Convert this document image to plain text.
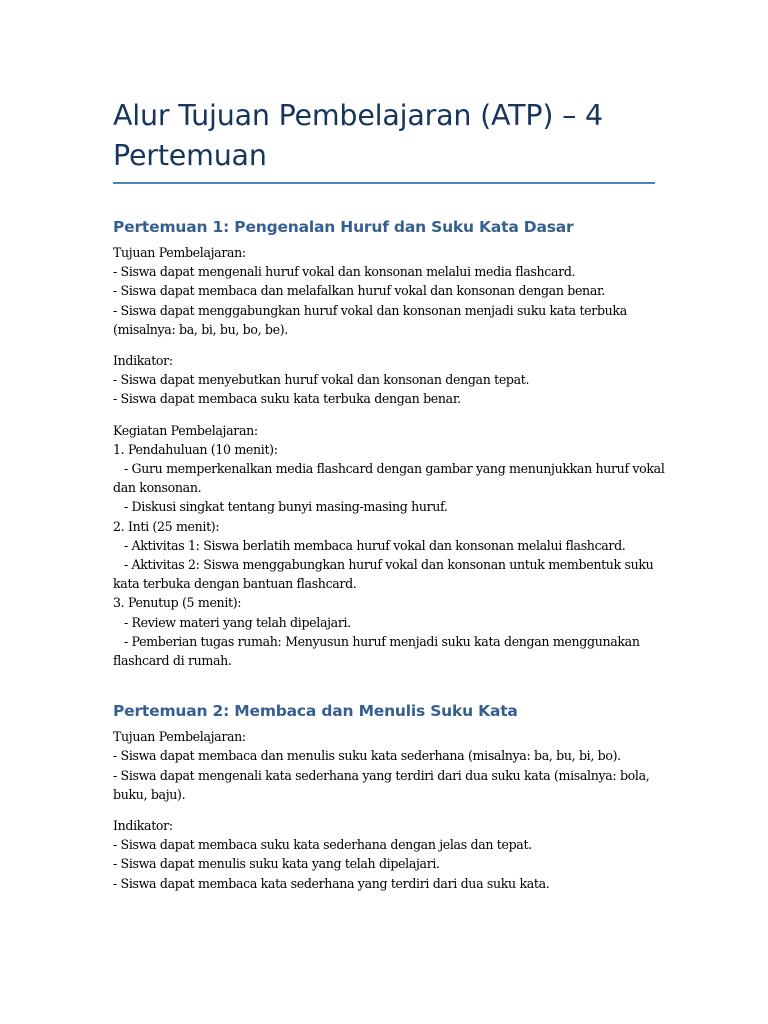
Alur Tujuan Pembelajaran (ATP) – 4
Pertemuan
Pertemuan 1: Pengenalan Huruf dan Suku Kata Dasar

Tujuan Pembelajaran:
- Siswa dapat mengenali huruf vokal dan konsonan melalui media flashcard.
- Siswa dapat membaca dan melafalkan huruf vokal dan konsonan dengan benar.
- Siswa dapat menggabungkan huruf vokal dan konsonan menjadi suku kata terbuka
(misalnya: ba, bi, bu, bo, be).

Indikator:
- Siswa dapat menyebutkan huruf vokal dan konsonan dengan tepat.
- Siswa dapat membaca suku kata terbuka dengan benar.

Kegiatan Pembelajaran:
1. Pendahuluan (10 menit):
- Guru memperkenalkan media flashcard dengan gambar yang menunjukkan huruf vokal
dan konsonan.
- Diskusi singkat tentang bunyi masing-masing huruf.
2. Inti (25 menit):
- Aktivitas 1: Siswa berlatih membaca huruf vokal dan konsonan melalui flashcard.
- Aktivitas 2: Siswa menggabungkan huruf vokal dan konsonan untuk membentuk suku
kata terbuka dengan bantuan flashcard.
3. Penutup (5 menit):
- Review materi yang telah dipelajari.
- Pemberian tugas rumah: Menyusun huruf menjadi suku kata dengan menggunakan
flashcard di rumah.

Pertemuan 2: Membaca dan Menulis Suku Kata

Tujuan Pembelajaran:
- Siswa dapat membaca dan menulis suku kata sederhana (misalnya: ba, bu, bi, bo).
- Siswa dapat mengenali kata sederhana yang terdiri dari dua suku kata (misalnya: bola,
buku, baju).

Indikator:
- Siswa dapat membaca suku kata sederhana dengan jelas dan tepat.
- Siswa dapat menulis suku kata yang telah dipelajari.
- Siswa dapat membaca kata sederhana yang terdiri dari dua suku kata.
